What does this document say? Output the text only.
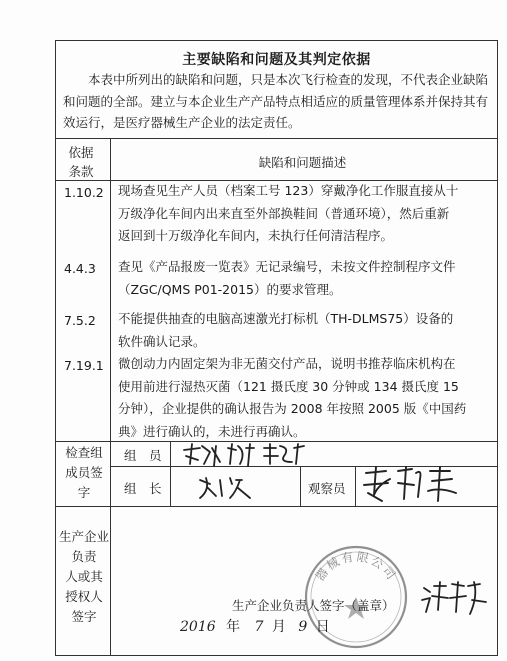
主要缺陷和问题及其判定依据
本表中所列出的缺陷和问题，只是本次飞行检查的发现，不代表企业缺陷和问题的全部。建立与本企业生产产品特点相适应的质量管理体系并保持其有效运行，是医疗器械生产企业的法定责任。
依据
条款
缺陷和问题描述
1.10.2 现场查见生产人员（档案工号 123）穿戴净化工作服直接从十
万级净化车间内出来直至外部换鞋间（普通环境），然后重新
返回到十万级净化车间内，未执行任何清洁程序。
4.4.3 查见《产品报废一览表》无记录编号，未按文件控制程序文件
（ZGC/QMS P01-2015）的要求管理。
7.5.2 不能提供抽查的电脑高速激光打标机（TH-DLMS75）设备的
软件确认记录。
7.19.1 微创动力内固定架为非无菌交付产品，说明书推荐临床机构在
使用前进行湿热灭菌（121 摄氏度 30 分钟或 134 摄氏度 15
分钟），企业提供的确认报告为 2008 年按照 2005 版《中国药
典》进行确认的，未进行再确认。
检查组
成员签
字
组　员
组　长	观察员
生产企业负责
人或其
授权人
签字
器械有限公司
生产企业负责人签字（盖章）
2016 年 7 月 9 日
